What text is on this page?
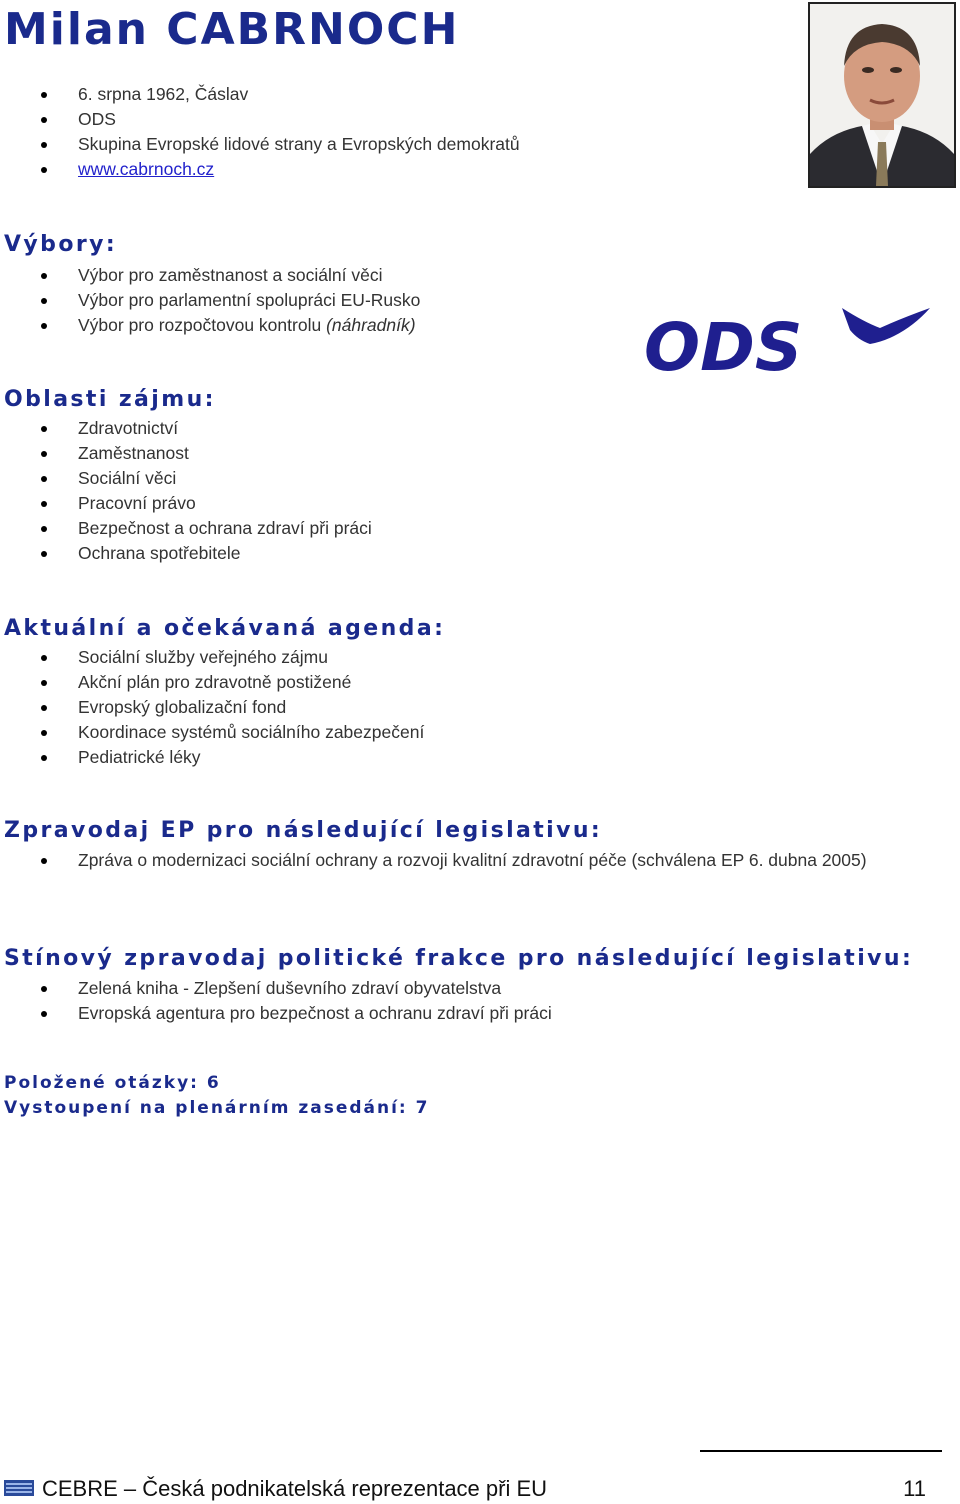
Milan CABRNOCH
6. srpna 1962, Čáslav
ODS
Skupina Evropské lidové strany a Evropských demokratů
www.cabrnoch.cz
Výbory:
Výbor pro zaměstnanost a sociální věci
Výbor pro parlamentní spolupráci EU-Rusko
Výbor pro rozpočtovou kontrolu (náhradník)	ODS
Oblasti zájmu:
Zdravotnictví
Zaměstnanost
Sociální věci
Pracovní právo
Bezpečnost a ochrana zdraví při práci
Ochrana spotřebitele
Aktuální a očekávaná agenda:
Sociální služby veřejného zájmu
Akční plán pro zdravotně postižené
Evropský globalizační fond
Koordinace systémů sociálního zabezpečení
Pediatrické léky
Zpravodaj EP pro následující legislativu:
Zpráva o modernizaci sociální ochrany a rozvoji kvalitní zdravotní péče (schválena EP 6. dubna 2005)
Stínový zpravodaj politické frakce pro následující legislativu:
Zelená kniha - Zlepšení duševního zdraví obyvatelstva
Evropská agentura pro bezpečnost a ochranu zdraví při práci
Položené otázky: 6
Vystoupení na plenárním zasedání: 7
CEBRE – Česká podnikatelská reprezentace při EU	11
